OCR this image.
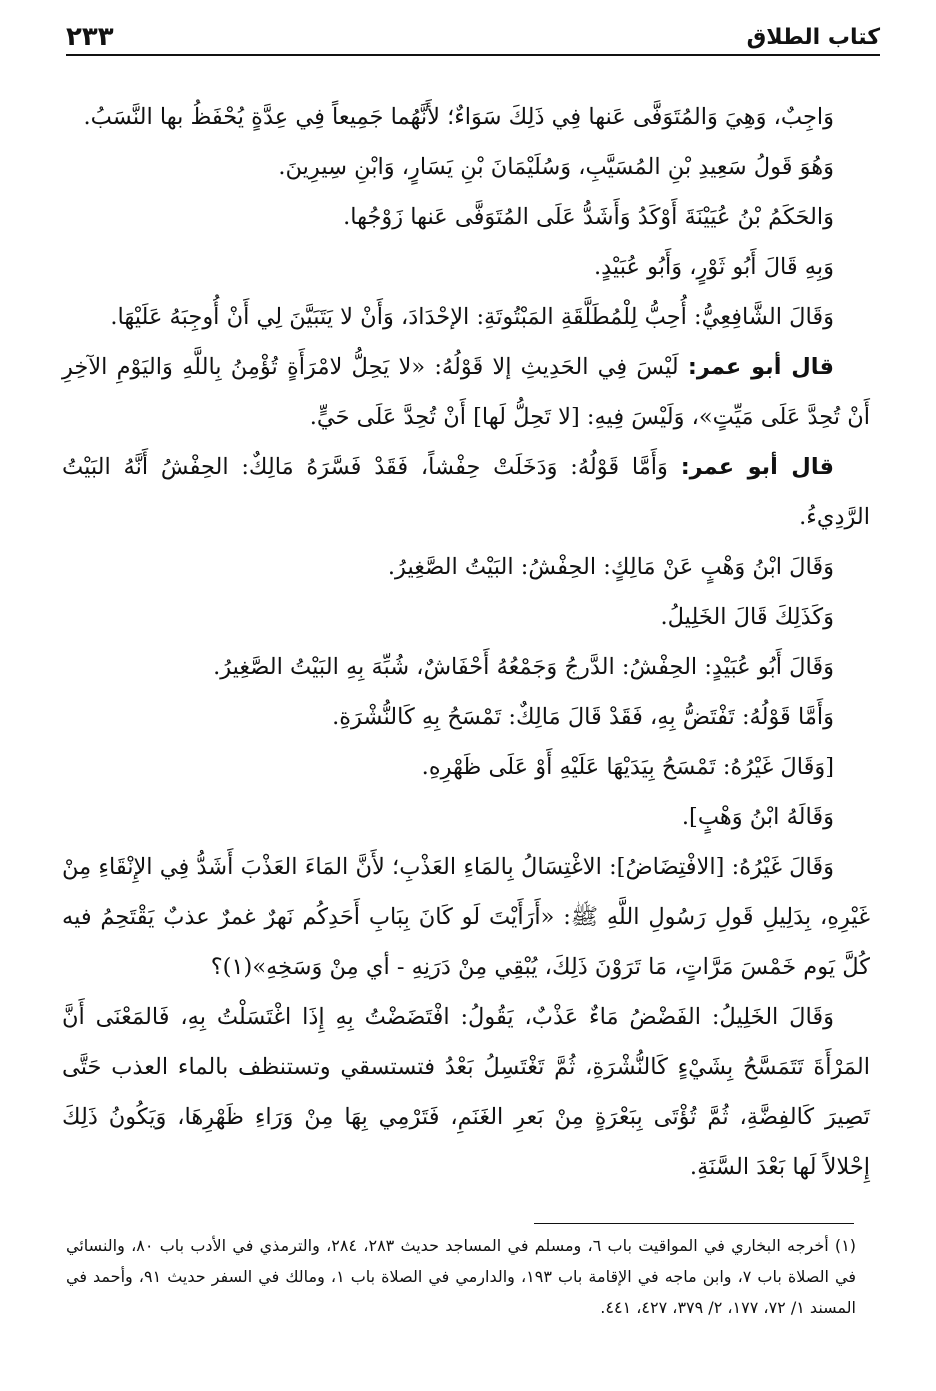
كتاب الطلاق
٢٣٣

وَاجِبٌ، وَهِيَ وَالمُتَوَفَّى عَنها فِي ذَلِكَ سَوَاءٌ؛ لأَنَّهُما جَمِيعاً فِي عِدَّةٍ يُحْفَظُ بها النَّسَبُ.

وَهُوَ قَولُ سَعِيدِ بْنِ المُسَيَّبِ، وَسُلَيْمَانَ بْنِ يَسَارٍ، وَابْنِ سِيرِينَ.

وَالحَكَمُ بْنُ عُيَيْنَةَ أَوْكَدُ وَأَشَدُّ عَلَى المُتَوَفَّى عَنها زَوْجُها.

وَبِهِ قَالَ أَبُو ثَوْرٍ، وَأَبُو عُبَيْدٍ.

وَقَالَ الشَّافِعِيُّ: أُحِبُّ لِلْمُطَلَّقَةِ المَبْتُوتَةِ: الإحْدَادَ، وَأَنْ لا يَتَبَيَّنَ لِي أَنْ أُوجِبَهُ عَلَيْهَا.

قال أبو عمر: لَيْسَ فِي الحَدِيثِ إلا قَوْلُهُ: «لا يَحِلُّ لامْرَأَةٍ تُؤْمِنُ بِاللَّهِ وَاليَوْمِ الآخِرِ أَنْ تُحِدَّ عَلَى مَيِّتٍ»، وَلَيْسَ فِيهِ: [لا تَحِلُّ لَها] أَنْ تُحِدَّ عَلَى حَيٍّ.

قال أبو عمر: وَأَمَّا قَوْلُهُ: وَدَخَلَتْ حِفْشاً، فَقَدْ فَسَّرَهُ مَالِكٌ: الحِفْشُ أَنَّهُ البَيْتُ الرَّدِيءُ.

وَقَالَ ابْنُ وَهْبٍ عَنْ مَالِكٍ: الحِفْشُ: البَيْتُ الصَّغِيرُ.

وَكَذَلِكَ قَالَ الخَلِيلُ.

وَقَالَ أَبُو عُبَيْدٍ: الحِفْشُ: الدَّرجُ وَجَمْعُهُ أَحْفَاشٌ، شُبِّهَ بِهِ البَيْتُ الصَّغِيرُ.

وَأَمَّا قَوْلُهُ: تَفْتَضُّ بِهِ، فَقَدْ قَالَ مَالِكٌ: تَمْسَحُ بِهِ كَالنُّشْرَةِ.

[وَقَالَ غَيْرُهُ: تَمْسَحُ بِيَدَيْهَا عَلَيْهِ أَوْ عَلَى ظَهْرِهِ.

وَقَالَهُ ابْنُ وَهْبٍ].

وَقَالَ غَيْرُهُ: [الافْتِضَاضُ]: الاغْتِسَالُ بِالمَاءِ العَذْبِ؛ لأَنَّ المَاءَ العَذْبَ أَشَدُّ فِي الإِنْقَاءِ مِنْ غَيْرِهِ، بِدَلِيلِ قَولِ رَسُولِ اللَّهِ ﷺ: «أَرَأَيْتَ لَو كَانَ بِبَابِ أَحَدِكُم نَهرٌ غمرٌ عذبٌ يَقْتَحِمُ فيه كُلَّ يَوم خَمْسَ مَرَّاتٍ، مَا تَرَوْنَ ذَلِكَ، يُبْقِي مِنْ دَرَنِهِ - أي مِنْ وَسَخِهِ»(١)؟

وَقَالَ الخَلِيلُ: الفَضْضُ مَاءٌ عَذْبٌ، يَقُولُ: افْتَضَضْتُ بِهِ إِذَا اغْتَسَلْتُ بِهِ، فَالمَعْنَى أَنَّ المَرْأَةَ تَتَمَسَّحُ بِشَيْءٍ كَالنُّشْرَةِ، ثُمَّ تَغْتَسِلُ بَعْدُ فتستسقي وتستنظف بالماء العذب حَتَّى تَصِيرَ كَالفِضَّةِ، ثُمَّ تُؤْتَى بِبَعْرَةٍ مِنْ بَعرِ الغَنَمِ، فَتَرْمِي بِهَا مِنْ وَرَاءِ ظَهْرِهَا، وَيَكُونُ ذَلِكَ إِحْلالاً لَها بَعْدَ السَّنَةِ.

(١) أخرجه البخاري في المواقيت باب ٦، ومسلم في المساجد حديث ٢٨٣، ٢٨٤، والترمذي في الأدب باب ٨٠، والنسائي في الصلاة باب ٧، وابن ماجه في الإقامة باب ١٩٣، والدارمي في الصلاة باب ١، ومالك في السفر حديث ٩١، وأحمد في المسند ١/ ٧٢، ١٧٧، ٢/ ٣٧٩، ٤٢٧، ٤٤١.
